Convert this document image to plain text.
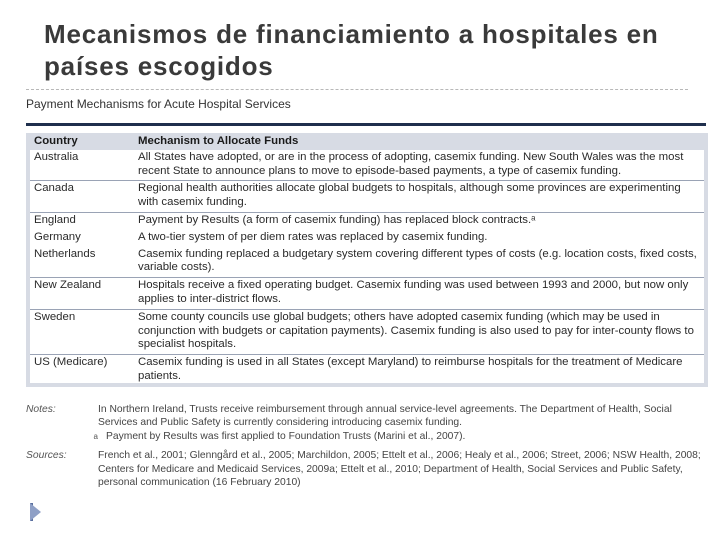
Mecanismos de financiamiento a hospitales en países escogidos
Payment Mechanisms for Acute Hospital Services
Country	Mechanism to Allocate Funds
Australia	All States have adopted, or are in the process of adopting, casemix funding. New South Wales was the most recent State to announce plans to move to episode-based payments, a type of casemix funding.
Canada	Regional health authorities allocate global budgets to hospitals, although some provinces are experimenting with casemix funding.
England	Payment by Results (a form of casemix funding) has replaced block contracts.ᵃ
Germany	A two-tier system of per diem rates was replaced by casemix funding.
Netherlands	Casemix funding replaced a budgetary system covering different types of costs (e.g. location costs, fixed costs, variable costs).
New Zealand	Hospitals receive a fixed operating budget. Casemix funding was used between 1993 and 2000, but now only applies to inter-district flows.
Sweden	Some county councils use global budgets; others have adopted casemix funding (which may be used in conjunction with budgets or capitation payments). Casemix funding is also used to pay for inter-county flows to specialist hospitals.
US (Medicare)	Casemix funding is used in all States (except Maryland) to reimburse hospitals for the treatment of Medicare patients.
Notes:	In Northern Ireland, Trusts receive reimbursement through annual service-level agreements. The Department of Health, Social Services and Public Safety is currently considering introducing casemix funding.
a Payment by Results was first applied to Foundation Trusts (Marini et al., 2007).
Sources:	French et al., 2001; Glenngård et al., 2005; Marchildon, 2005; Ettelt et al., 2006; Healy et al., 2006; Street, 2006; NSW Health, 2008; Centers for Medicare and Medicaid Services, 2009a; Ettelt et al., 2010; Department of Health, Social Services and Public Safety, personal communication (16 February 2010)
